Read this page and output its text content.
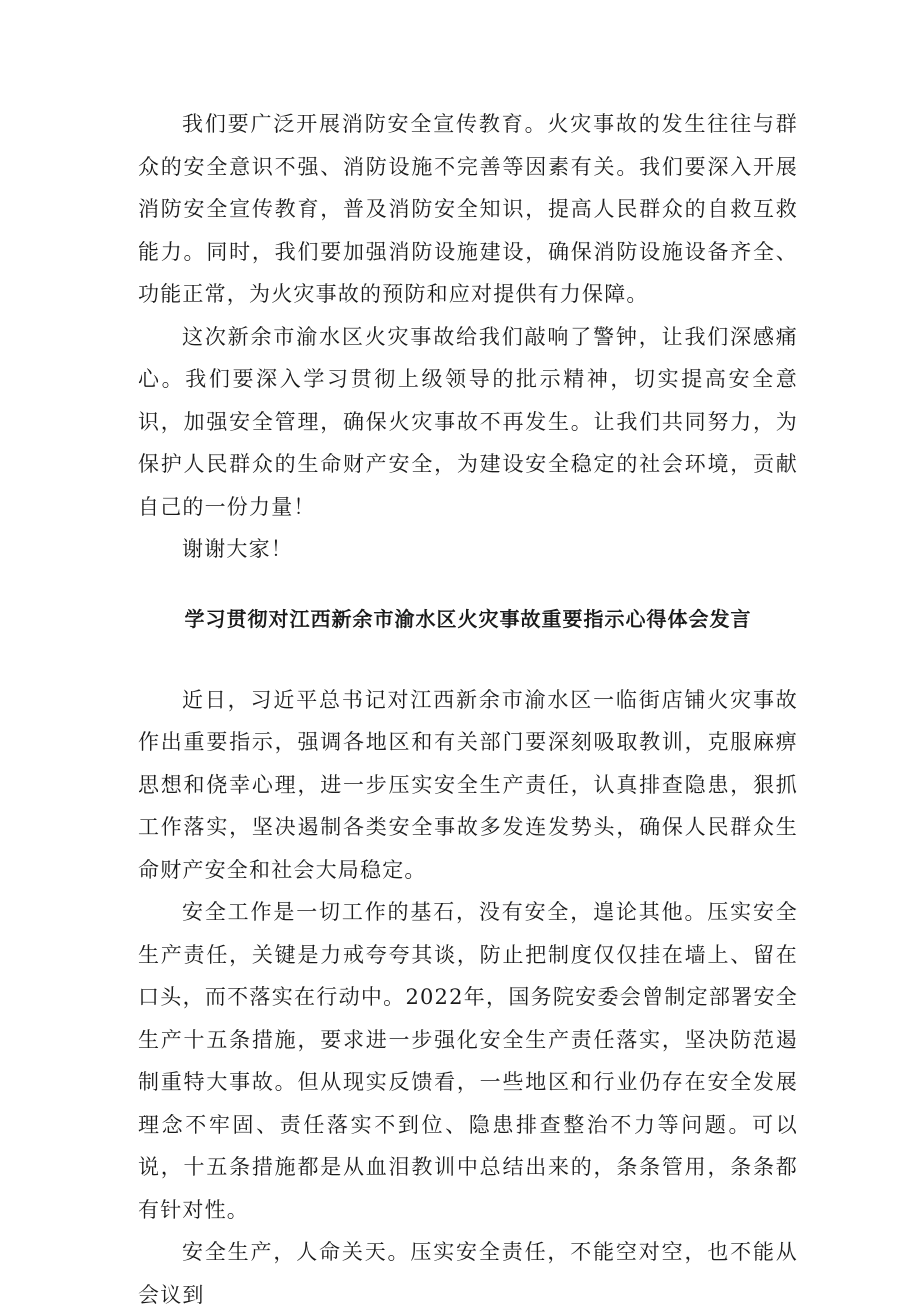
我们要广泛开展消防安全宣传教育。火灾事故的发生往往与群众的安全意识不强、消防设施不完善等因素有关。我们要深入开展消防安全宣传教育，普及消防安全知识，提高人民群众的自救互救能力。同时，我们要加强消防设施建设，确保消防设施设备齐全、功能正常，为火灾事故的预防和应对提供有力保障。

这次新余市渝水区火灾事故给我们敲响了警钟，让我们深感痛心。我们要深入学习贯彻上级领导的批示精神，切实提高安全意识，加强安全管理，确保火灾事故不再发生。让我们共同努力，为保护人民群众的生命财产安全，为建设安全稳定的社会环境，贡献自己的一份力量！

谢谢大家！

学习贯彻对江西新余市渝水区火灾事故重要指示心得体会发言

近日，习近平总书记对江西新余市渝水区一临街店铺火灾事故作出重要指示，强调各地区和有关部门要深刻吸取教训，克服麻痹思想和侥幸心理，进一步压实安全生产责任，认真排查隐患，狠抓工作落实，坚决遏制各类安全事故多发连发势头，确保人民群众生命财产安全和社会大局稳定。

安全工作是一切工作的基石，没有安全，遑论其他。压实安全生产责任，关键是力戒夸夸其谈，防止把制度仅仅挂在墙上、留在口头，而不落实在行动中。2022年，国务院安委会曾制定部署安全生产十五条措施，要求进一步强化安全生产责任落实，坚决防范遏制重特大事故。但从现实反馈看，一些地区和行业仍存在安全发展理念不牢固、责任落实不到位、隐患排查整治不力等问题。可以说，十五条措施都是从血泪教训中总结出来的，条条管用，条条都有针对性。

安全生产，人命关天。压实安全责任，不能空对空，也不能从会议到
